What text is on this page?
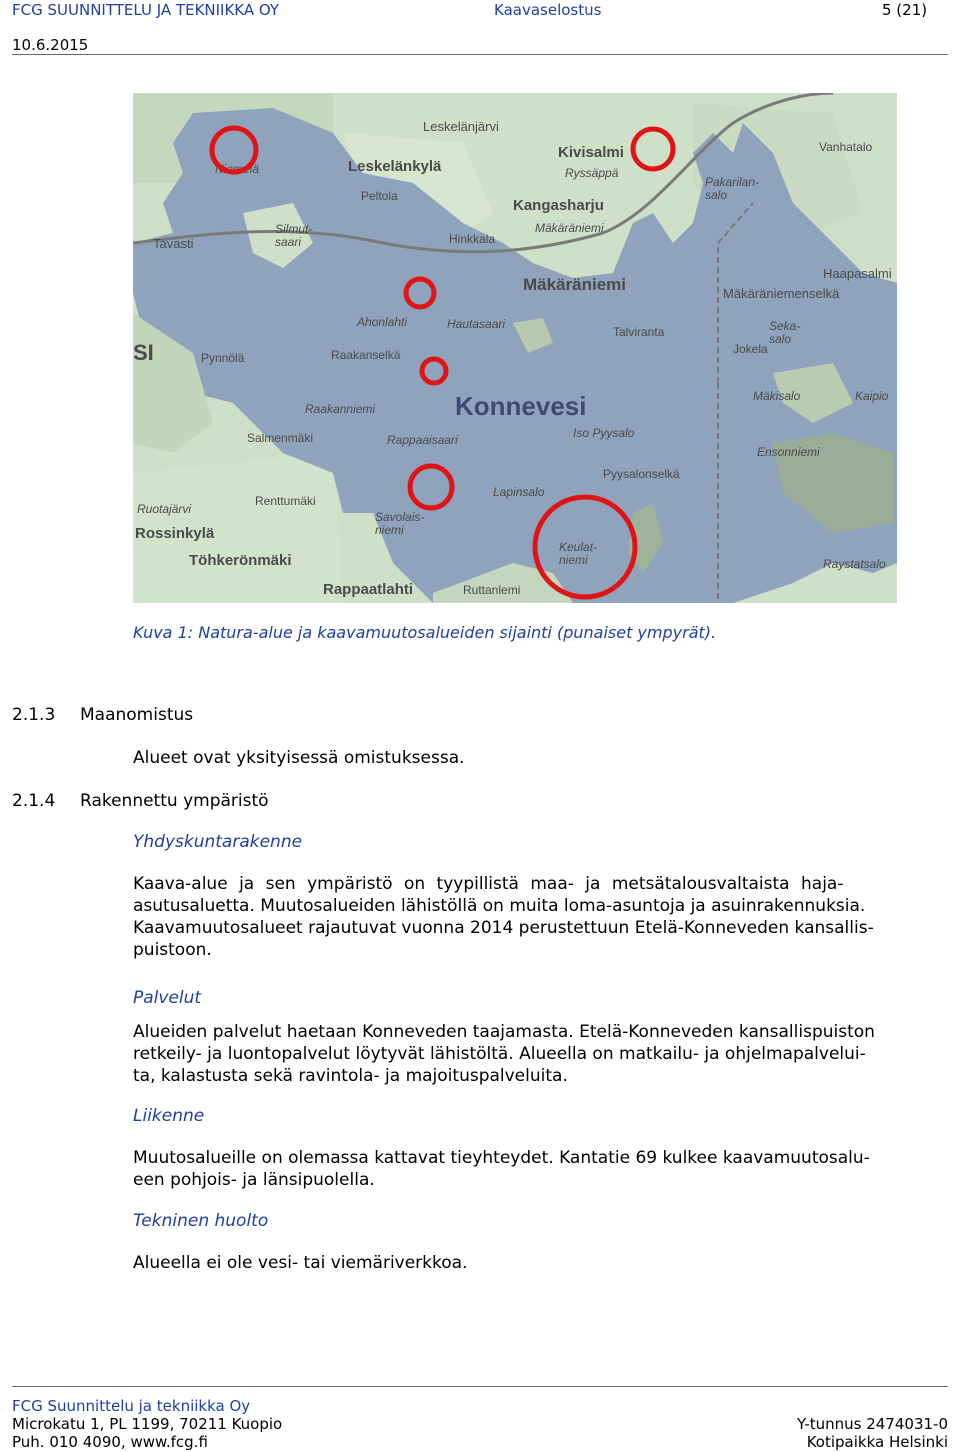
FCG SUUNNITTELU JA TEKNIIKKA OY	Kaavaselostus	5 (21)
10.6.2015
Leskelänjärvi
Leskelänkylä
Kivisalmi	Vanhatalo
Ryssäppä
Peltola
Kangasharju
Pakarilan-salo
Mäkäräniemi
Hinkkala
Tavasti
Silmut-saari
Mäkäräniemi
Haapasalmi
Mäkäräniemenselkä
Hautasaari
Talviranta	Seka-salo
Pynnölä	Raakanselkä
Konnevesi
Raakanniemi
Mäkisalo	Kaipio
Salmenmäki	Rappaaisaari	Iso Pyysalo
Ensonniemi
Pyysalonselkä
Ruotajärvi
Renttumäki
Lapinsalo
Rossinkylä
Savolais-niemi
Keulat-niemi
Töhkerönmäki	Raystatsalo
Rappaatlahti	Ruttanlemi
Niemelä
Ahonlahti
SI	Jokela
Kuva 1: Natura-alue ja kaavamuutosalueiden sijainti (punaiset ympyrät).
2.1.3 Maanomistus
Alueet ovat yksityisessä omistuksessa.
2.1.4 Rakennettu ympäristö
Yhdyskuntarakenne
Kaava-alue ja sen ympäristö on tyypillistä maa- ja metsätalousvaltaista haja-
asutusaluetta. Muutosalueiden lähistöllä on muita loma-asuntoja ja asuinrakennuksia.
Kaavamuutosalueet rajautuvat vuonna 2014 perustettuun Etelä-Konneveden kansallis-
puistoon.
Palvelut
Alueiden palvelut haetaan Konneveden taajamasta. Etelä-Konneveden kansallispuiston
retkeily- ja luontopalvelut löytyvät lähistöltä. Alueella on matkailu- ja ohjelmapalvelui-
ta, kalastusta sekä ravintola- ja majoituspalveluita.
Liikenne
Muutosalueille on olemassa kattavat tieyhteydet. Kantatie 69 kulkee kaavamuutosalu-
een pohjois- ja länsipuolella.
Tekninen huolto
Alueella ei ole vesi- tai viemäriverkkoa.
FCG Suunnittelu ja tekniikka Oy
Microkatu 1, PL 1199, 70211 Kuopio
Puh. 010 4090, www.fcg.fi
Y-tunnus 2474031-0
Kotipaikka Helsinki
